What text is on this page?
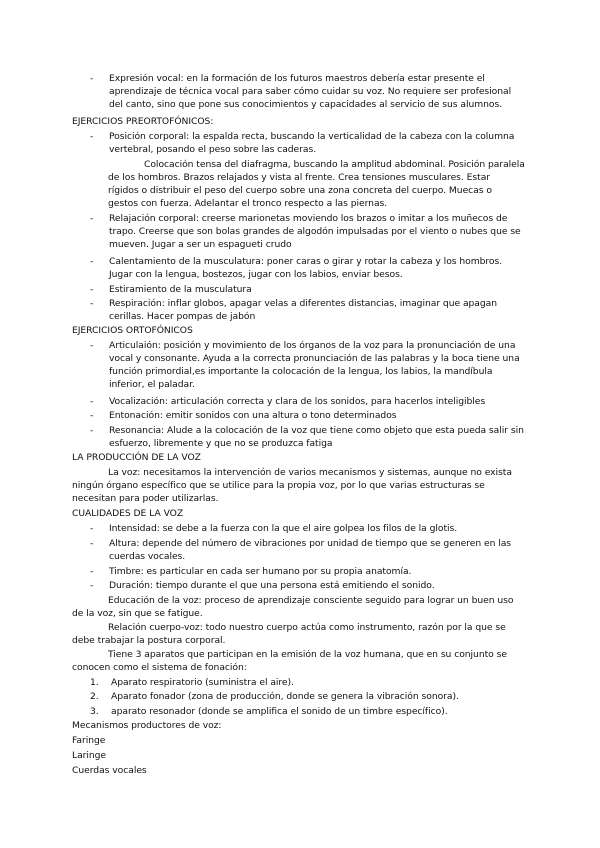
-	Expresión vocal: en la formación de los futuros maestros debería estar presente el
aprendizaje de técnica vocal para saber cómo cuidar su voz. No requiere ser profesional
del canto, sino que pone sus conocimientos y capacidades al servicio de sus alumnos.
EJERCICIOS PREORTOFÓNICOS:
-	Posición corporal: la espalda recta, buscando la verticalidad de la cabeza con la columna
vertebral, posando el peso sobre las caderas.
Colocación tensa del diafragma, buscando la amplitud abdominal. Posición paralela
de los hombros. Brazos relajados y vista al frente. Crea tensiones musculares. Estar
rígidos o distribuir el peso del cuerpo sobre una zona concreta del cuerpo. Muecas o
gestos con fuerza. Adelantar el tronco respecto a las piernas.
-	Relajación corporal: creerse marionetas moviendo los brazos o imitar a los muñecos de
trapo. Creerse que son bolas grandes de algodón impulsadas por el viento o nubes que se
mueven. Jugar a ser un espagueti crudo
-	Calentamiento de la musculatura: poner caras o girar y rotar la cabeza y los hombros.
Jugar con la lengua, bostezos, jugar con los labios, enviar besos.
-	Estiramiento de la musculatura
-	Respiración: inflar globos, apagar velas a diferentes distancias, imaginar que apagan
cerillas. Hacer pompas de jabón
EJERCICIOS ORTOFÓNICOS
-	Articulaión: posición y movimiento de los órganos de la voz para la pronunciación de una
vocal y consonante. Ayuda a la correcta pronunciación de las palabras y la boca tiene una
función primordial,es importante la colocación de la lengua, los labios, la mandíbula
inferior, el paladar.
-	Vocalización: articulación correcta y clara de los sonidos, para hacerlos inteligibles
-	Entonación: emitir sonidos con una altura o tono determinados
-	Resonancia: Alude a la colocación de la voz que tiene como objeto que esta pueda salir sin
esfuerzo, libremente y que no se produzca fatiga
LA PRODUCCIÓN DE LA VOZ
La voz: necesitamos la intervención de varios mecanismos y sistemas, aunque no exista
ningún órgano específico que se utilice para la propia voz, por lo que varias estructuras se
necesitan para poder utilizarlas.
CUALIDADES DE LA VOZ
-	Intensidad: se debe a la fuerza con la que el aire golpea los filos de la glotis.
-	Altura: depende del número de vibraciones por unidad de tiempo que se generen en las
cuerdas vocales.
-	Timbre: es particular en cada ser humano por su propia anatomía.
-	Duración: tiempo durante el que una persona está emitiendo el sonido.
Educación de la voz: proceso de aprendizaje consciente seguido para lograr un buen uso
de la voz, sin que se fatigue.
Relación cuerpo-voz: todo nuestro cuerpo actúa como instrumento, razón por la que se
debe trabajar la postura corporal.
Tiene 3 aparatos que participan en la emisión de la voz humana, que en su conjunto se
conocen como el sistema de fonación:
1.	Aparato respiratorio (suministra el aire).
2.	Aparato fonador (zona de producción, donde se genera la vibración sonora).
3.	aparato resonador (donde se amplifica el sonido de un timbre específico).
Mecanismos productores de voz:
Faringe
Laringe
Cuerdas vocales
